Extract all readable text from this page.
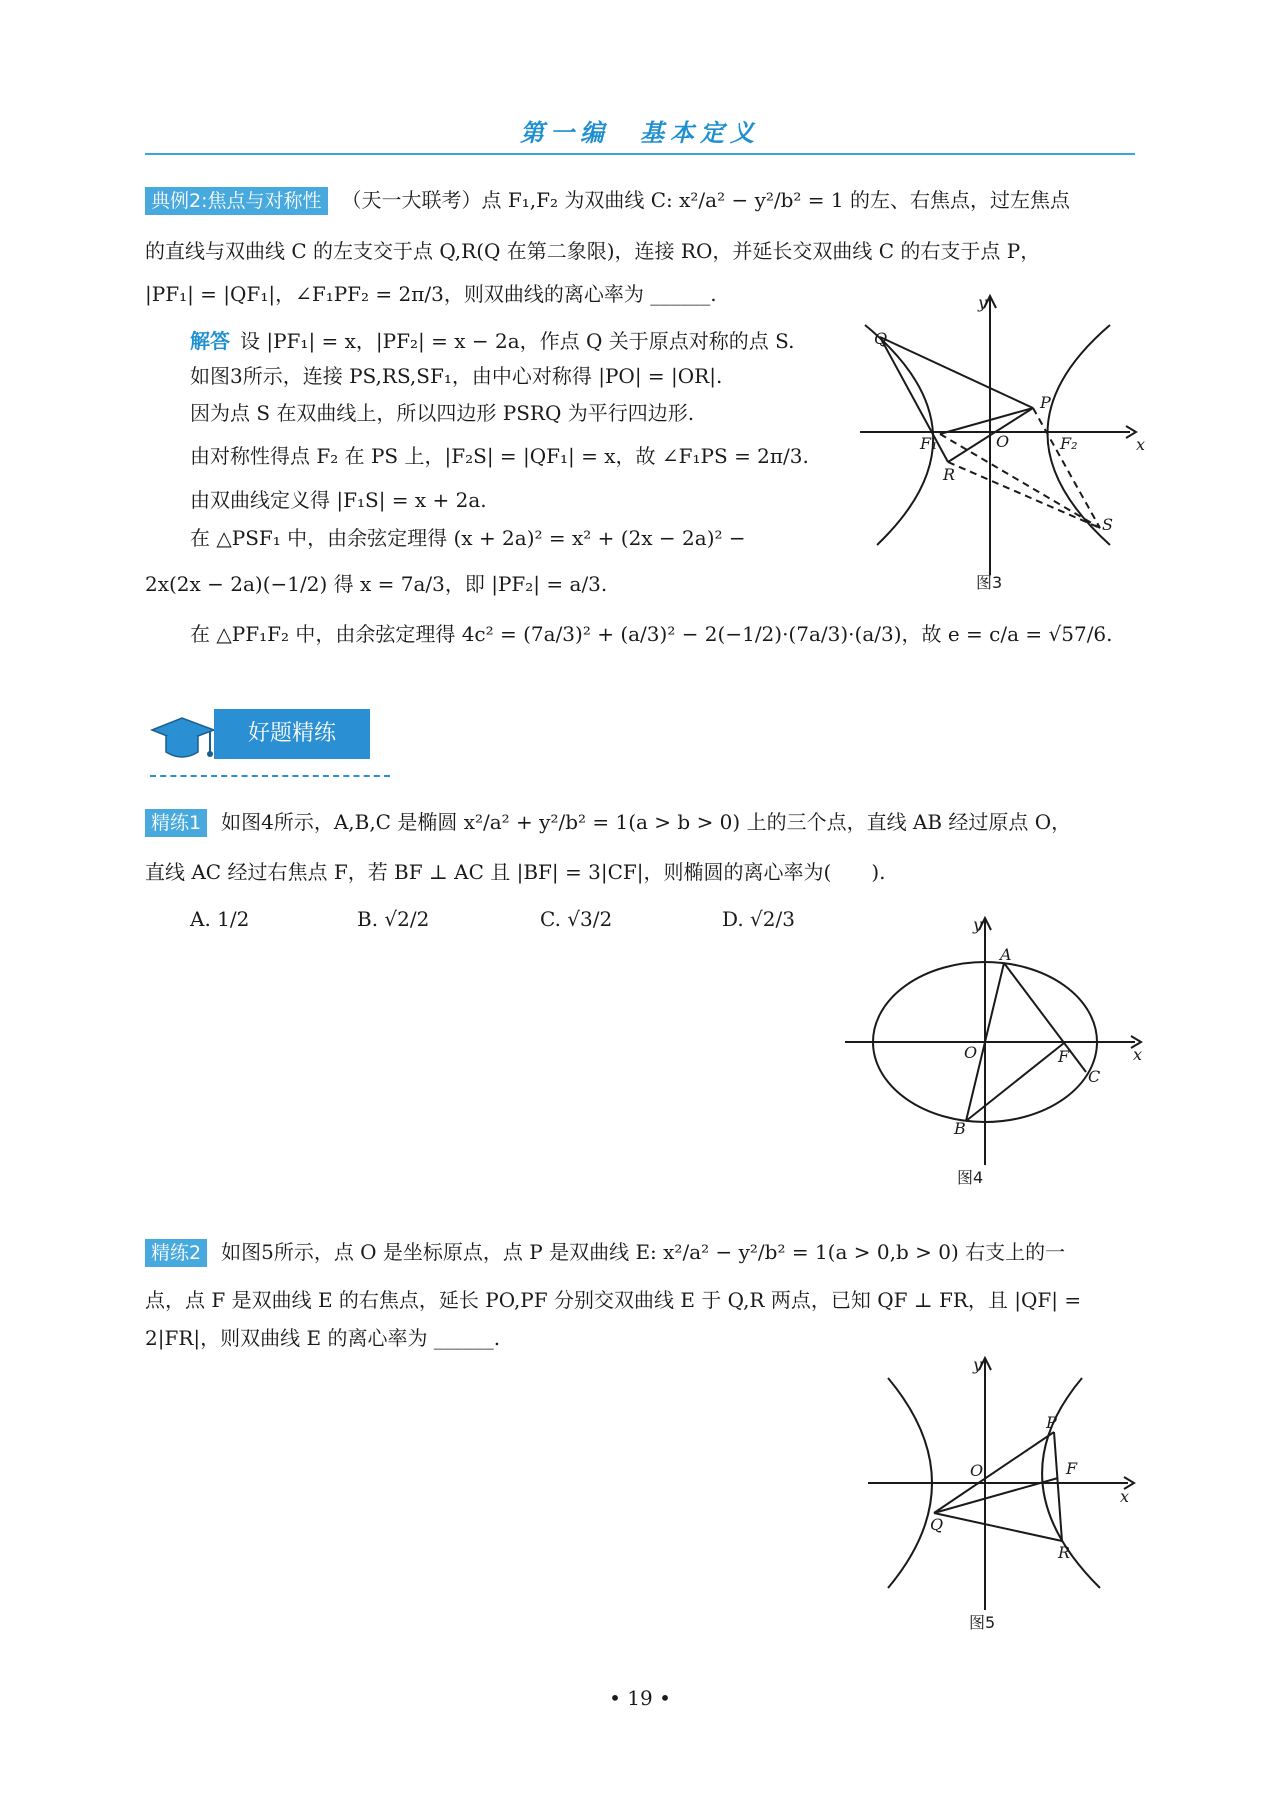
第一编　基本定义
典例2:焦点与对称性 （天一大联考）点 F₁,F₂ 为双曲线 C: x²/a² − y²/b² = 1 的左、右焦点，过左焦点
的直线与双曲线 C 的左支交于点 Q,R(Q 在第二象限)，连接 RO，并延长交双曲线 C 的右支于点 P，
|PF₁| = |QF₁|，∠F₁PF₂ = 2π/3，则双曲线的离心率为 ______.
解答 设 |PF₁| = x，|PF₂| = x − 2a，作点 Q 关于原点对称的点 S.
如图3所示，连接 PS,RS,SF₁，由中心对称得 |PO| = |OR|.
因为点 S 在双曲线上，所以四边形 PSRQ 为平行四边形.
由对称性得点 F₂ 在 PS 上，|F₂S| = |QF₁| = x，故 ∠F₁PS = 2π/3.
由双曲线定义得 |F₁S| = x + 2a.
在 △PSF₁ 中，由余弦定理得 (x + 2a)² = x² + (2x − 2a)² −
2x(2x − 2a)(−1/2) 得 x = 7a/3，即 |PF₂| = a/3.
在 △PF₁F₂ 中，由余弦定理得 4c² = (7a/3)² + (a/3)² − 2(−1/2)·(7a/3)·(a/3)，故 e = c/a = √57/6.
y
x
Q
P
F₁	O	F₂
R
S
图3
y
x
A
O	F
C
B
图4
y
x
P
O	F
Q
R
图5
好题精练
精练1 如图4所示，A,B,C 是椭圆 x²/a² + y²/b² = 1(a > b > 0) 上的三个点，直线 AB 经过原点 O，
直线 AC 经过右焦点 F，若 BF ⊥ AC 且 |BF| = 3|CF|，则椭圆的离心率为(　　).
A. 1/2	B. √2/2	C. √3/2	D. √2/3
精练2 如图5所示，点 O 是坐标原点，点 P 是双曲线 E: x²/a² − y²/b² = 1(a > 0,b > 0) 右支上的一
点，点 F 是双曲线 E 的右焦点，延长 PO,PF 分别交双曲线 E 于 Q,R 两点，已知 QF ⊥ FR，且 |QF| =
2|FR|，则双曲线 E 的离心率为 ______.
• 19 •
